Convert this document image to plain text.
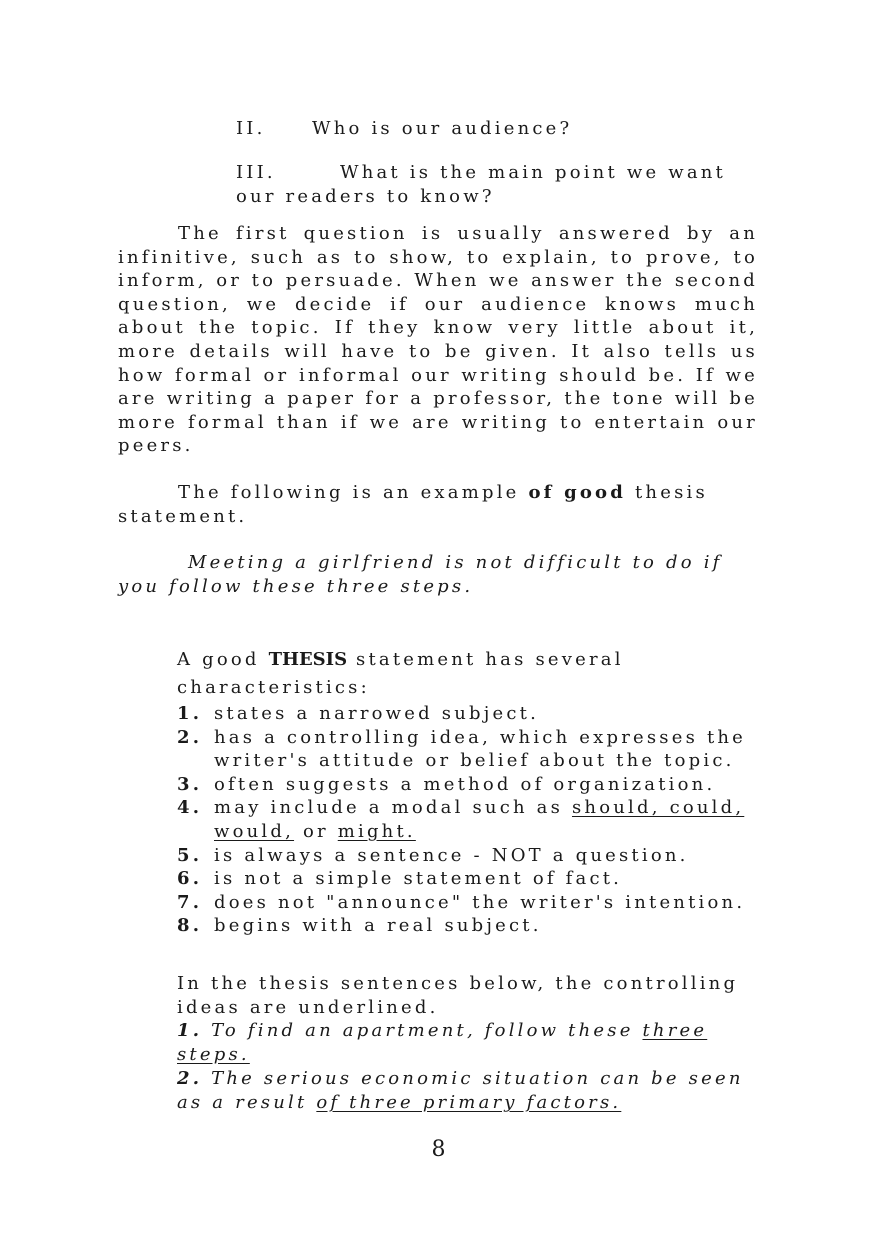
II.	Who is our audience?
III.	What is the main point we want our readers to know?

The first question is usually answered by an infinitive, such as to show, to explain, to prove, to inform, or to persuade. When we answer the second question, we decide if our audience knows much about the topic. If they know very little about it, more details will have to be given. It also tells us how formal or informal our writing should be. If we are writing a paper for a professor, the tone will be more formal than if we are writing to entertain our peers.

The following is an example of good thesis statement.

Meeting a girlfriend is not difficult to do if you follow these three steps.

A good THESIS statement has several characteristics:
1. states a narrowed subject.
2. has a controlling idea, which expresses the writer's attitude or belief about the topic.
3. often suggests a method of organization.
4. may include a modal such as should, could, would, or might.
5. is always a sentence - NOT a question.
6. is not a simple statement of fact.
7. does not "announce" the writer's intention.
8. begins with a real subject.
In the thesis sentences below, the controlling ideas are underlined.
1. To find an apartment, follow these three steps.
2. The serious economic situation can be seen as a result of three primary factors.
8
